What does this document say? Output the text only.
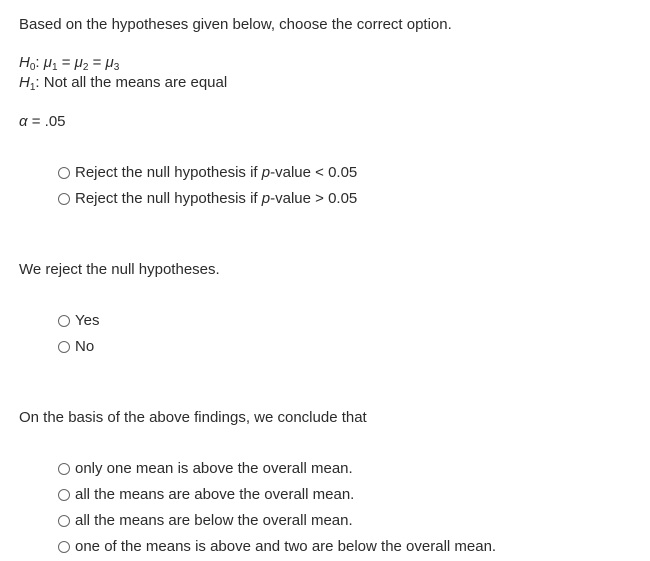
Based on the hypotheses given below, choose the correct option.
$H_0$: $\mu_1 = \mu_2 = \mu_3$
$H_1$: Not all the means are equal
α = .05
Reject the null hypothesis if p-value < 0.05
Reject the null hypothesis if p-value > 0.05
We reject the null hypotheses.
Yes
No
On the basis of the above findings, we conclude that
only one mean is above the overall mean.
all the means are above the overall mean.
all the means are below the overall mean.
one of the means is above and two are below the overall mean.
